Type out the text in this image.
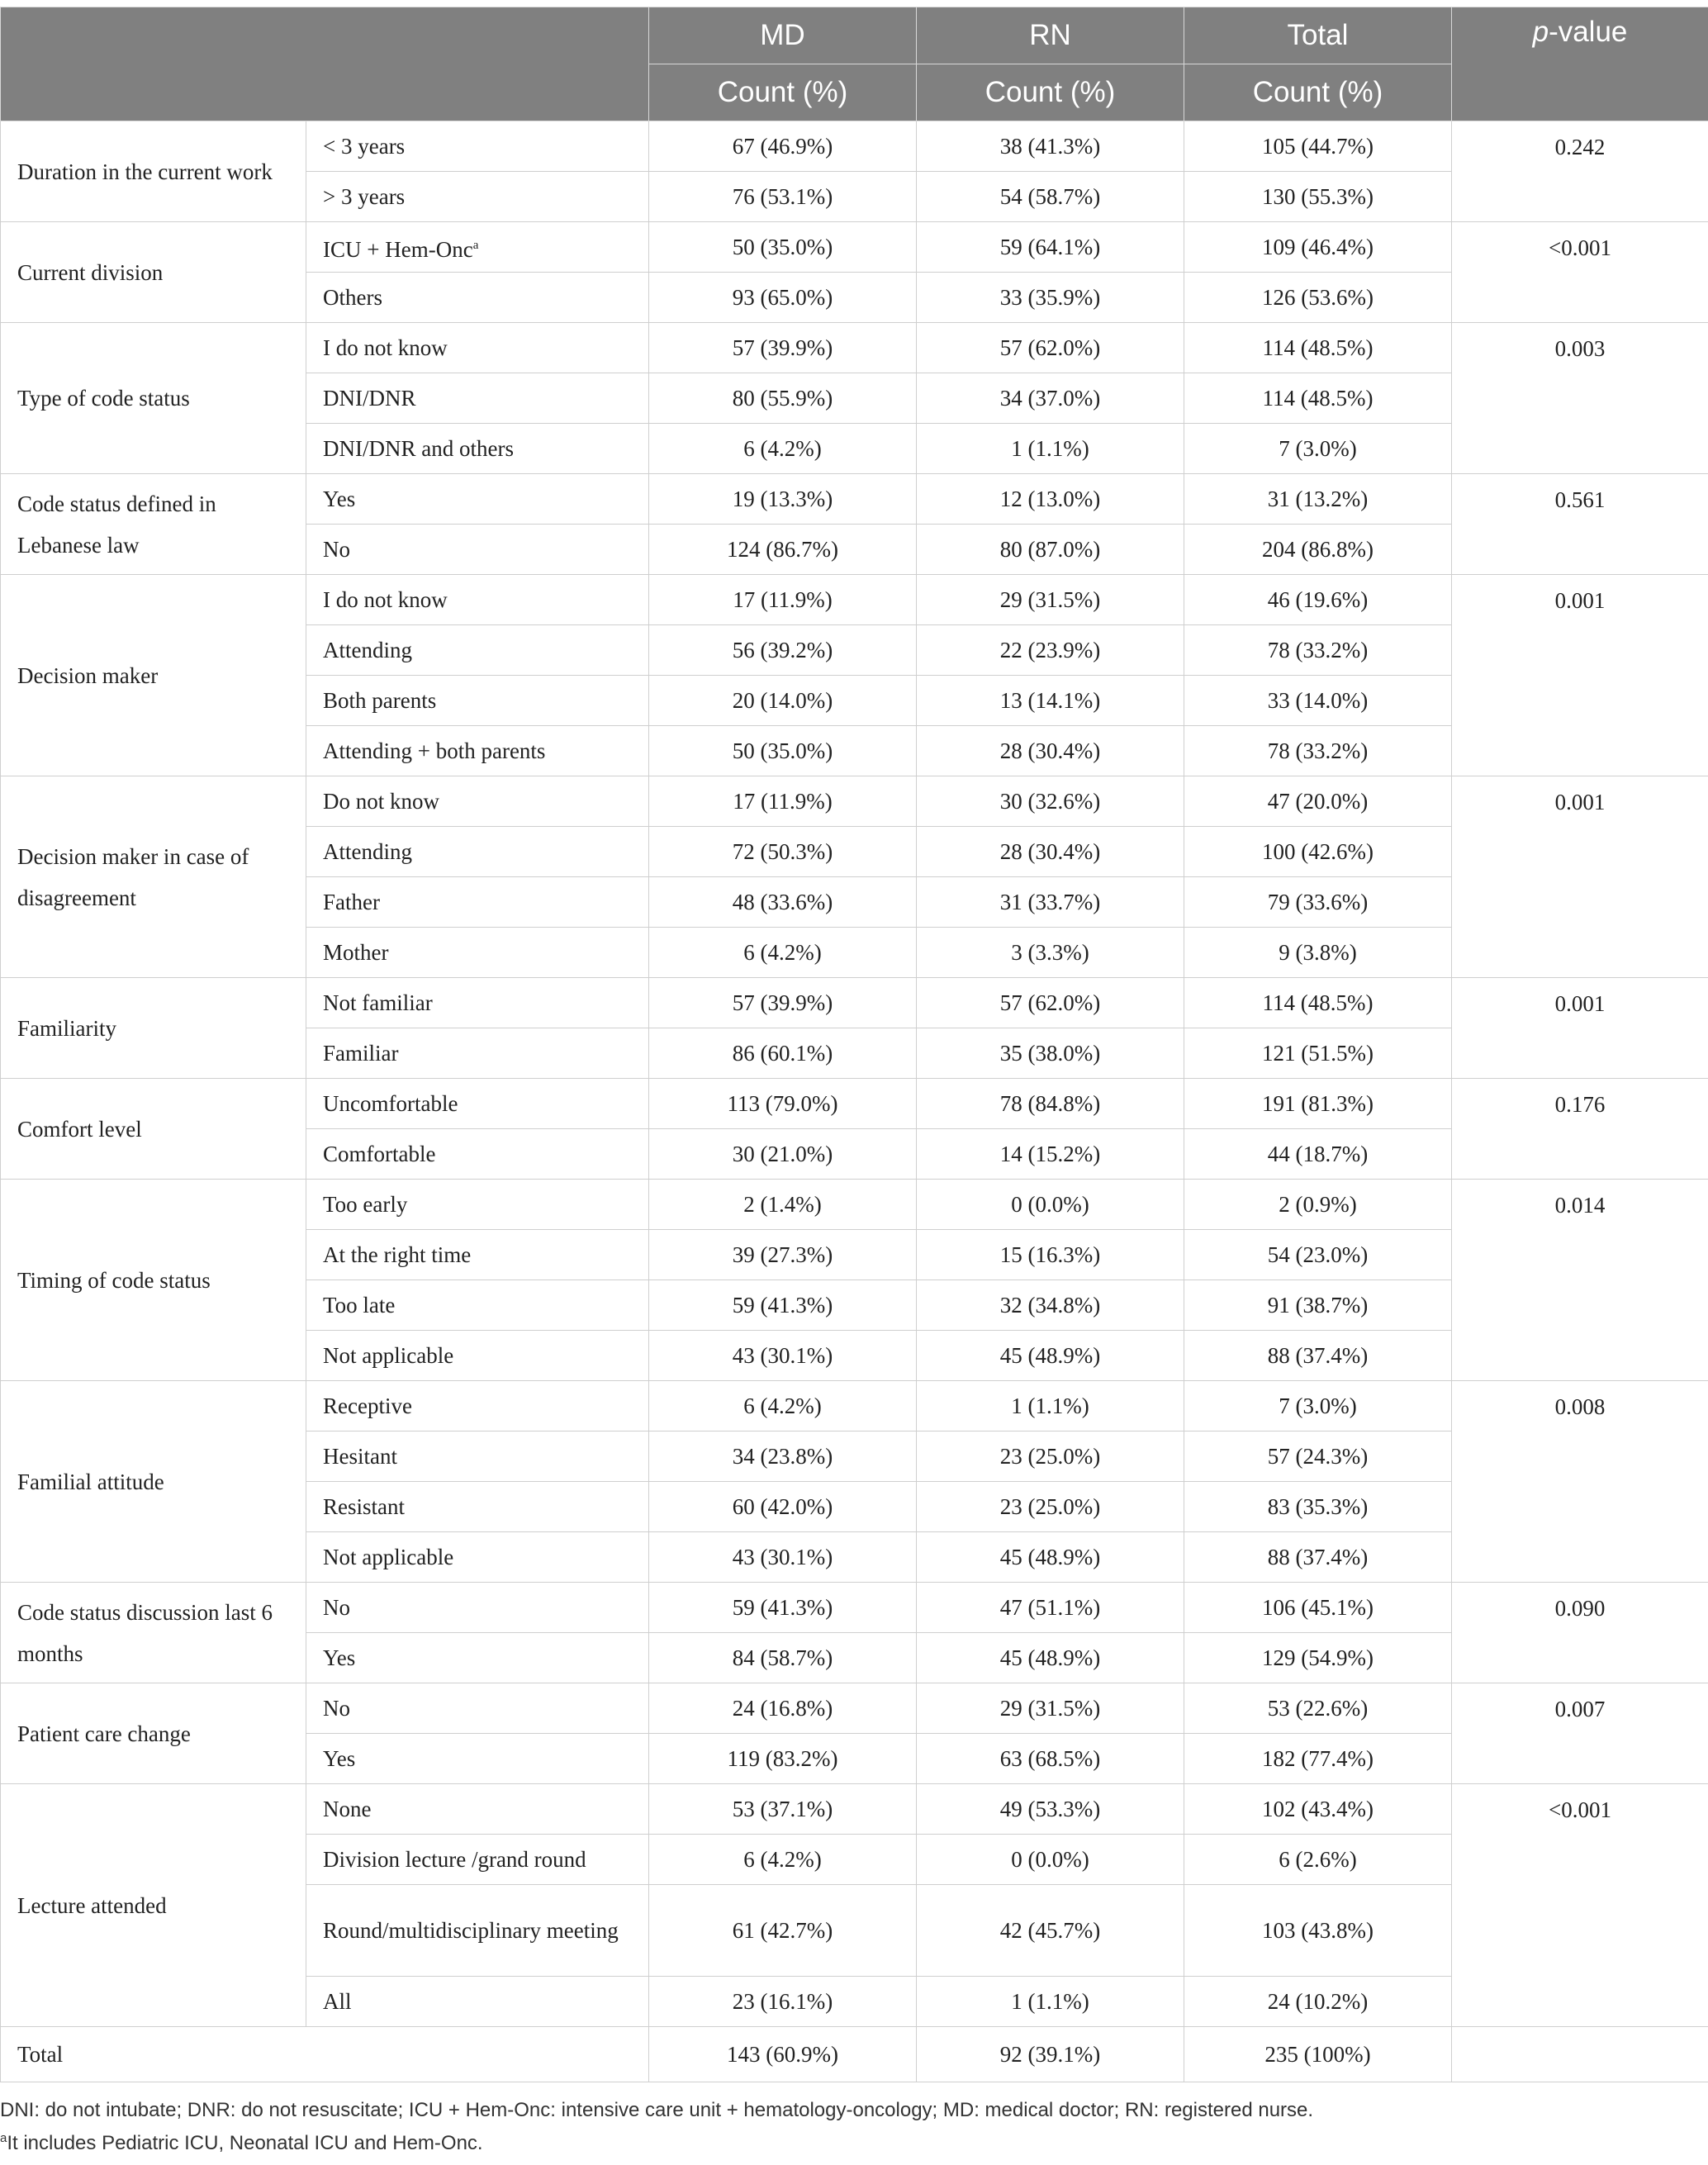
		MD	RN	Total	p-value
		Count (%)	Count (%)	Count (%)	
Duration in the current work	< 3 years	67 (46.9%)	38 (41.3%)	105 (44.7%)	0.242
	> 3 years	76 (53.1%)	54 (58.7%)	130 (55.3%)	
Current division	ICU + Hem-Onc$^a$	50 (35.0%)	59 (64.1%)	109 (46.4%)	<0.001
	Others	93 (65.0%)	33 (35.9%)	126 (53.6%)	
Type of code status	I do not know	57 (39.9%)	57 (62.0%)	114 (48.5%)	0.003
	DNI/DNR	80 (55.9%)	34 (37.0%)	114 (48.5%)	
	DNI/DNR and others	6 (4.2%)	1 (1.1%)	7 (3.0%)	
Code status defined in Lebanese law	Yes	19 (13.3%)	12 (13.0%)	31 (13.2%)	0.561
	No	124 (86.7%)	80 (87.0%)	204 (86.8%)	
Decision maker	I do not know	17 (11.9%)	29 (31.5%)	46 (19.6%)	0.001
	Attending	56 (39.2%)	22 (23.9%)	78 (33.2%)	
	Both parents	20 (14.0%)	13 (14.1%)	33 (14.0%)	
	Attending + both parents	50 (35.0%)	28 (30.4%)	78 (33.2%)	
Decision maker in case of disagreement	Do not know	17 (11.9%)	30 (32.6%)	47 (20.0%)	0.001
	Attending	72 (50.3%)	28 (30.4%)	100 (42.6%)	
	Father	48 (33.6%)	31 (33.7%)	79 (33.6%)	
	Mother	6 (4.2%)	3 (3.3%)	9 (3.8%)	
Familiarity	Not familiar	57 (39.9%)	57 (62.0%)	114 (48.5%)	0.001
	Familiar	86 (60.1%)	35 (38.0%)	121 (51.5%)	
Comfort level	Uncomfortable	113 (79.0%)	78 (84.8%)	191 (81.3%)	0.176
	Comfortable	30 (21.0%)	14 (15.2%)	44 (18.7%)	
Timing of code status	Too early	2 (1.4%)	0 (0.0%)	2 (0.9%)	0.014
	At the right time	39 (27.3%)	15 (16.3%)	54 (23.0%)	
	Too late	59 (41.3%)	32 (34.8%)	91 (38.7%)	
	Not applicable	43 (30.1%)	45 (48.9%)	88 (37.4%)	
Familial attitude	Receptive	6 (4.2%)	1 (1.1%)	7 (3.0%)	0.008
	Hesitant	34 (23.8%)	23 (25.0%)	57 (24.3%)	
	Resistant	60 (42.0%)	23 (25.0%)	83 (35.3%)	
	Not applicable	43 (30.1%)	45 (48.9%)	88 (37.4%)	
Code status discussion last 6 months	No	59 (41.3%)	47 (51.1%)	106 (45.1%)	0.090
	Yes	84 (58.7%)	45 (48.9%)	129 (54.9%)	
Patient care change	No	24 (16.8%)	29 (31.5%)	53 (22.6%)	0.007
	Yes	119 (83.2%)	63 (68.5%)	182 (77.4%)	
Lecture attended	None	53 (37.1%)	49 (53.3%)	102 (43.4%)	<0.001
	Division lecture /grand round	6 (4.2%)	0 (0.0%)	6 (2.6%)	
	Round/multidisciplinary meeting	61 (42.7%)	42 (45.7%)	103 (43.8%)	
	All	23 (16.1%)	1 (1.1%)	24 (10.2%)	
Total		143 (60.9%)	92 (39.1%)	235 (100%)	
DNI: do not intubate; DNR: do not resuscitate; ICU + Hem-Onc: intensive care unit + hematology-oncology; MD: medical doctor; RN: registered nurse.
$^a$It includes Pediatric ICU, Neonatal ICU and Hem-Onc.
